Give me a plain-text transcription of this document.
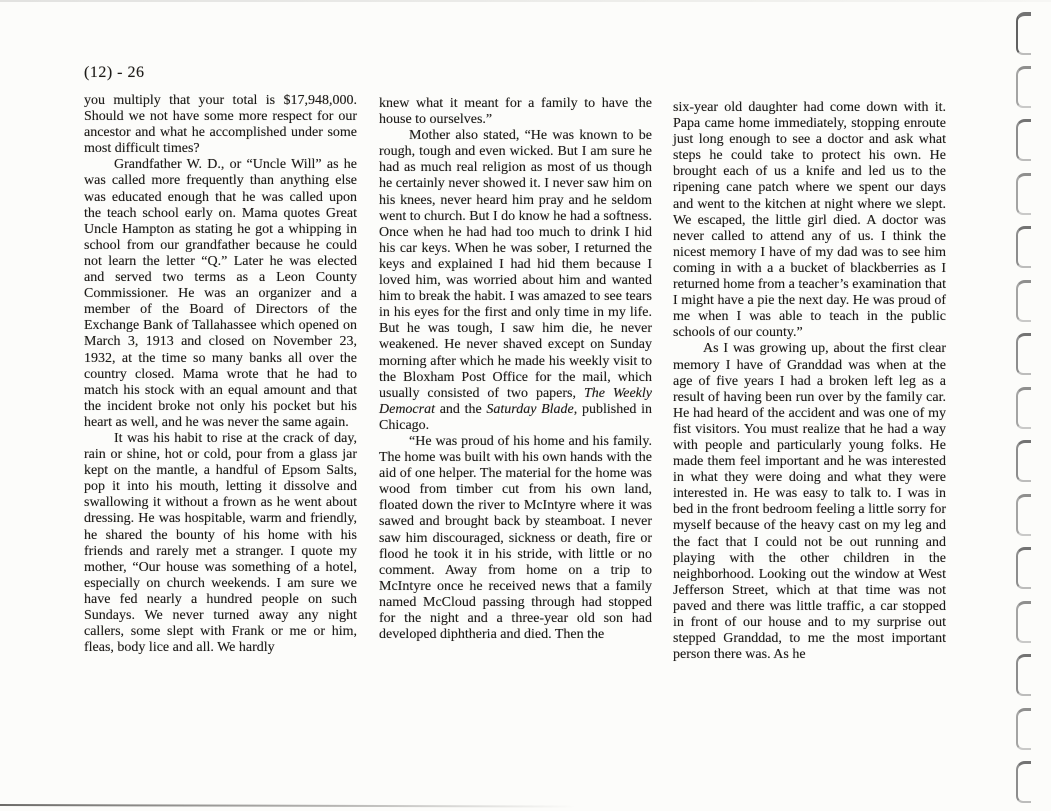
(12) - 26

you multiply that your total is $17,948,000. Should we not have some more respect for our ancestor and what he accomplished under some most difficult times?

Grandfather W. D., or “Uncle Will” as he was called more frequently than anything else was educated enough that he was called upon the teach school early on. Mama quotes Great Uncle Hampton as stating he got a whipping in school from our grandfather because he could not learn the letter “Q.” Later he was elected and served two terms as a Leon County Commissioner. He was an organizer and a member of the Board of Directors of the Exchange Bank of Tallahassee which opened on March 3, 1913 and closed on November 23, 1932, at the time so many banks all over the country closed. Mama wrote that he had to match his stock with an equal amount and that the incident broke not only his pocket but his heart as well, and he was never the same again.

It was his habit to rise at the crack of day, rain or shine, hot or cold, pour from a glass jar kept on the mantle, a handful of Epsom Salts, pop it into his mouth, letting it dissolve and swallowing it without a frown as he went about dressing. He was hospitable, warm and friendly, he shared the bounty of his home with his friends and rarely met a stranger. I quote my mother, “Our house was something of a hotel, especially on church weekends. I am sure we have fed nearly a hundred people on such Sundays. We never turned away any night callers, some slept with Frank or me or him, fleas, body lice and all. We hardly

knew what it meant for a family to have the house to ourselves.”

Mother also stated, “He was known to be rough, tough and even wicked. But I am sure he had as much real religion as most of us though he certainly never showed it. I never saw him on his knees, never heard him pray and he seldom went to church. But I do know he had a softness. Once when he had had too much to drink I hid his car keys. When he was sober, I returned the keys and explained I had hid them because I loved him, was worried about him and wanted him to break the habit. I was amazed to see tears in his eyes for the first and only time in my life. But he was tough, I saw him die, he never weakened. He never shaved except on Sunday morning after which he made his weekly visit to the Bloxham Post Office for the mail, which usually consisted of two papers, The Weekly Democrat and the Saturday Blade, published in Chicago.

“He was proud of his home and his family. The home was built with his own hands with the aid of one helper. The material for the home was wood from timber cut from his own land, floated down the river to McIntyre where it was sawed and brought back by steamboat. I never saw him discouraged, sickness or death, fire or flood he took it in his stride, with little or no comment. Away from home on a trip to McIntyre once he received news that a family named McCloud passing through had stopped for the night and a three-year old son had developed diphtheria and died. Then the

six-year old daughter had come down with it. Papa came home immediately, stopping enroute just long enough to see a doctor and ask what steps he could take to protect his own. He brought each of us a knife and led us to the ripening cane patch where we spent our days and went to the kitchen at night where we slept. We escaped, the little girl died. A doctor was never called to attend any of us. I think the nicest memory I have of my dad was to see him coming in with a a bucket of blackberries as I returned home from a teacher’s examination that I might have a pie the next day. He was proud of me when I was able to teach in the public schools of our county.”

As I was growing up, about the first clear memory I have of Granddad was when at the age of five years I had a broken left leg as a result of having been run over by the family car. He had heard of the accident and was one of my fist visitors. You must realize that he had a way with people and particularly young folks. He made them feel important and he was interested in what they were doing and what they were interested in. He was easy to talk to. I was in bed in the front bedroom feeling a little sorry for myself because of the heavy cast on my leg and the fact that I could not be out running and playing with the other children in the neighborhood. Looking out the window at West Jefferson Street, which at that time was not paved and there was little traffic, a car stopped in front of our house and to my surprise out stepped Granddad, to me the most important person there was. As he
